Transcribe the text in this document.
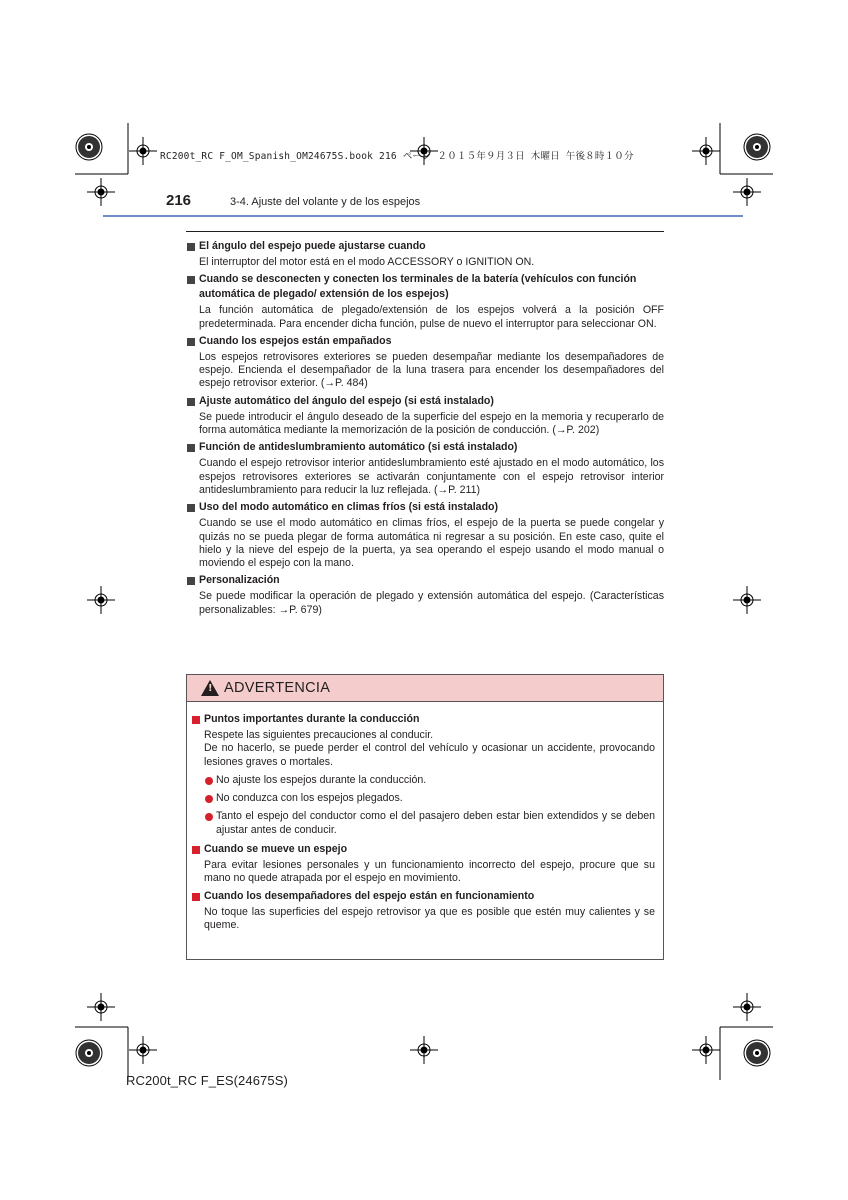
RC200t_RC F_OM_Spanish_OM24675S.book 216 ページ ２０１５年９月３日 木曜日 午後８時１０分
216	3-4. Ajuste del volante y de los espejos
El ángulo del espejo puede ajustarse cuando
El interruptor del motor está en el modo ACCESSORY o IGNITION ON.
Cuando se desconecten y conecten los terminales de la batería (vehículos con función automática de plegado/ extensión de los espejos)
La función automática de plegado/extensión de los espejos volverá a la posición OFF predeterminada. Para encender dicha función, pulse de nuevo el interruptor para seleccionar ON.
Cuando los espejos están empañados
Los espejos retrovisores exteriores se pueden desempañar mediante los desempañadores de espejo. Encienda el desempañador de la luna trasera para encender los desempañadores del espejo retrovisor exterior. (→P. 484)
Ajuste automático del ángulo del espejo (si está instalado)
Se puede introducir el ángulo deseado de la superficie del espejo en la memoria y recuperarlo de forma automática mediante la memorización de la posición de conducción. (→P. 202)
Función de antideslumbramiento automático (si está instalado)
Cuando el espejo retrovisor interior antideslumbramiento esté ajustado en el modo automático, los espejos retrovisores exteriores se activarán conjuntamente con el espejo retrovisor interior antideslumbramiento para reducir la luz reflejada. (→P. 211)
Uso del modo automático en climas fríos (si está instalado)
Cuando se use el modo automático en climas fríos, el espejo de la puerta se puede congelar y quizás no se pueda plegar de forma automática ni regresar a su posición. En este caso, quite el hielo y la nieve del espejo de la puerta, ya sea operando el espejo usando el modo manual o moviendo el espejo con la mano.
Personalización
Se puede modificar la operación de plegado y extensión automática del espejo. (Características personalizables: →P. 679)
! ADVERTENCIA
Puntos importantes durante la conducción
Respete las siguientes precauciones al conducir.
De no hacerlo, se puede perder el control del vehículo y ocasionar un accidente, provocando lesiones graves o mortales.
No ajuste los espejos durante la conducción.
No conduzca con los espejos plegados.
Tanto el espejo del conductor como el del pasajero deben estar bien extendidos y se deben ajustar antes de conducir.
Cuando se mueve un espejo
Para evitar lesiones personales y un funcionamiento incorrecto del espejo, procure que su mano no quede atrapada por el espejo en movimiento.
Cuando los desempañadores del espejo están en funcionamiento
No toque las superficies del espejo retrovisor ya que es posible que estén muy calientes y se queme.
RC200t_RC F_ES(24675S)
